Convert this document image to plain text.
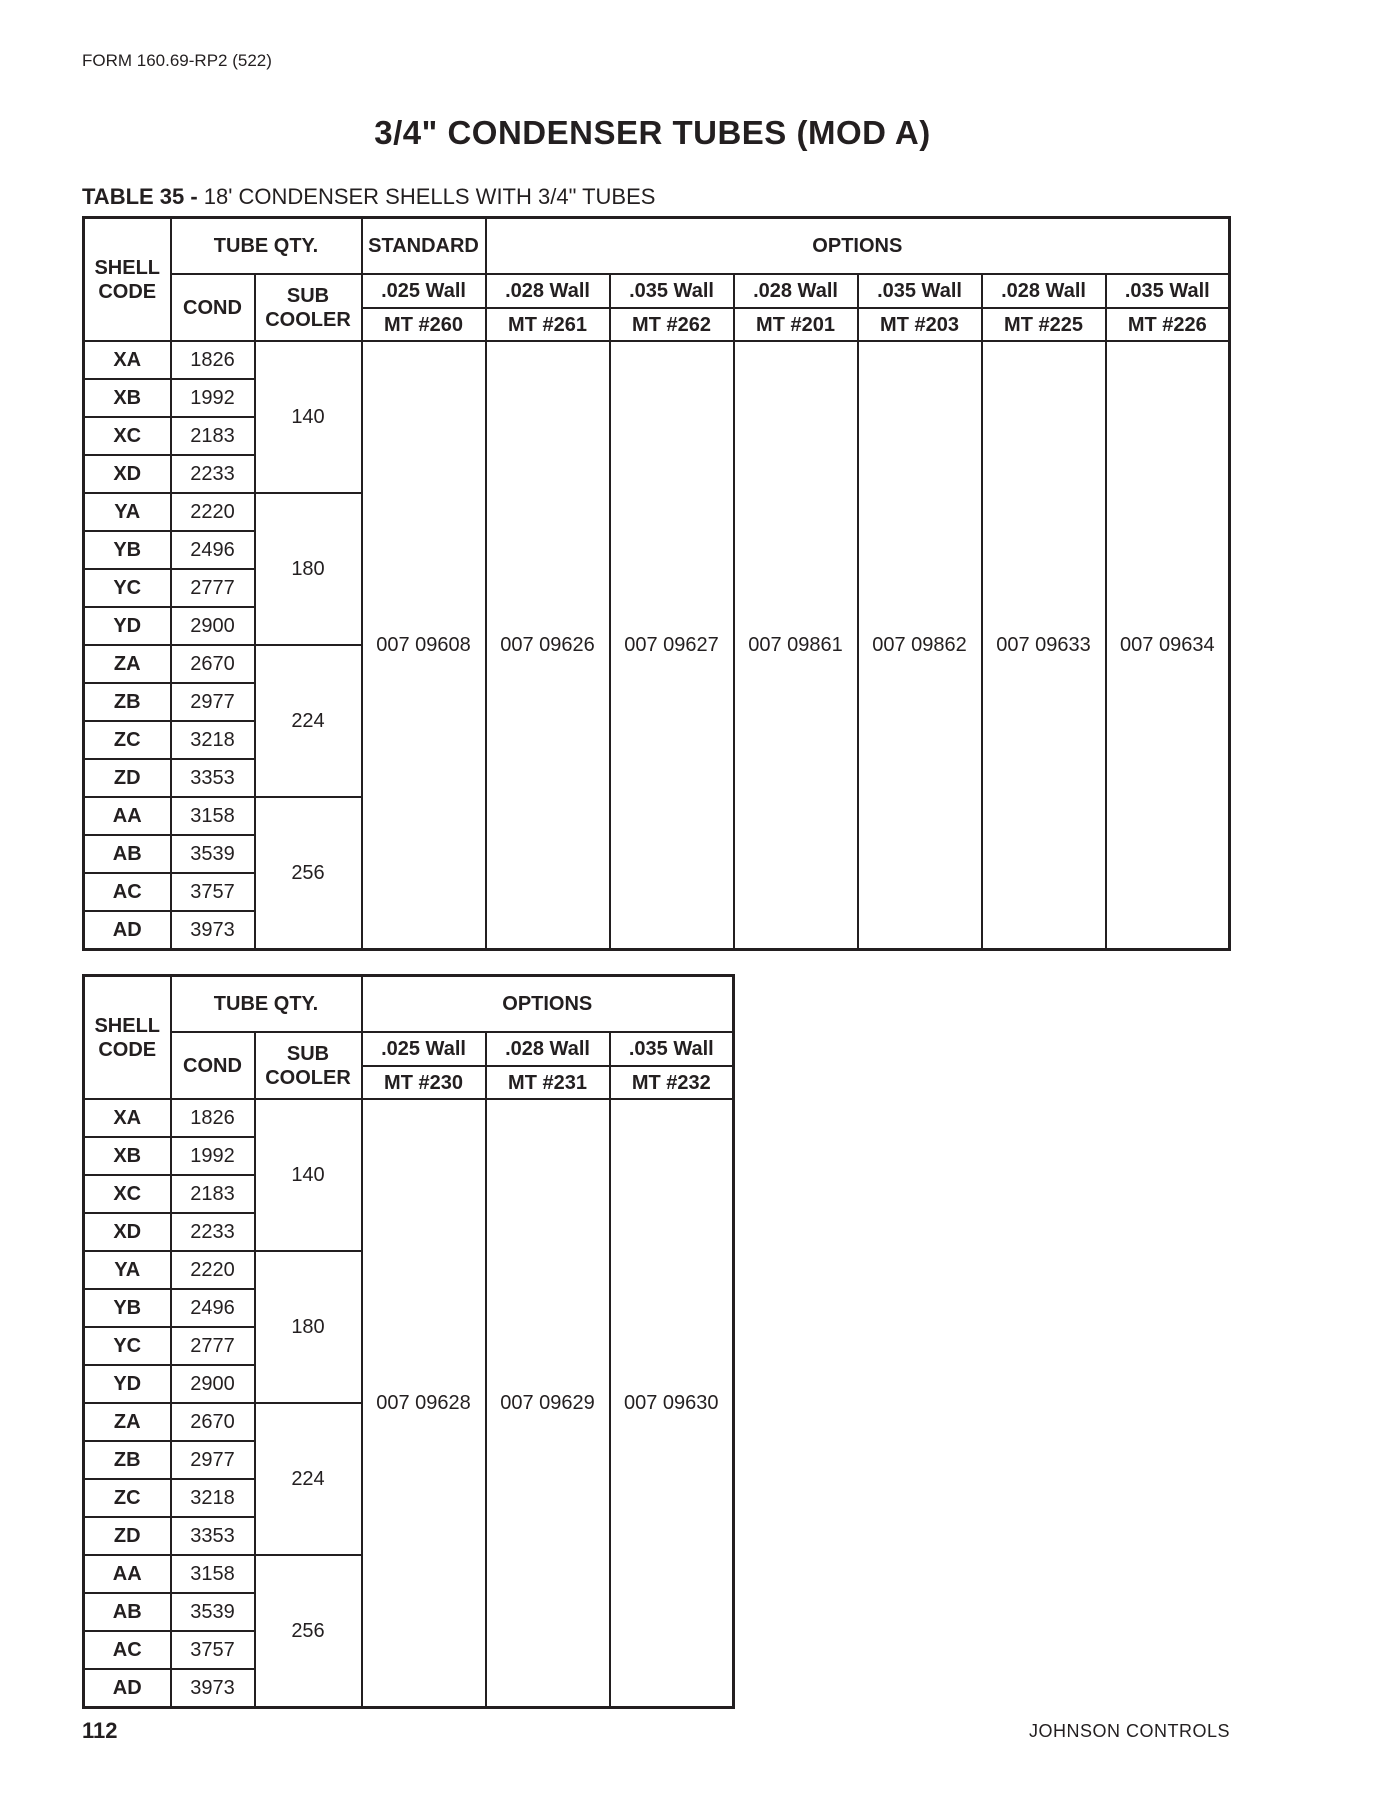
FORM 160.69-RP2 (522)
3/4" CONDENSER TUBES (MOD A)
TABLE 35 - 18' CONDENSER SHELLS WITH 3/4" TUBES
SHELL CODE	TUBE QTY.		STANDARD	OPTIONS					
	COND	SUB COOLER	.025 Wall	.028 Wall	.035 Wall	.028 Wall	.035 Wall	.028 Wall	.035 Wall
			MT #260	MT #261	MT #262	MT #201	MT #203	MT #225	MT #226
XA	1826	140	007 09608	007 09626	007 09627	007 09861	007 09862	007 09633	007 09634
XB	1992								
XC	2183								
XD	2233								
YA	2220	180							
YB	2496								
YC	2777								
YD	2900								
ZA	2670	224							
ZB	2977								
ZC	3218								
ZD	3353								
AA	3158	256							
AB	3539								
AC	3757								
AD	3973								
SHELL CODE	TUBE QTY.		OPTIONS		
	COND	SUB COOLER	.025 Wall	.028 Wall	.035 Wall
			MT #230	MT #231	MT #232
XA	1826	140	007 09628	007 09629	007 09630
XB	1992				
XC	2183				
XD	2233				
YA	2220	180			
YB	2496				
YC	2777				
YD	2900				
ZA	2670	224			
ZB	2977				
ZC	3218				
ZD	3353				
AA	3158	256			
AB	3539				
AC	3757				
AD	3973				
112	JOHNSON CONTROLS
